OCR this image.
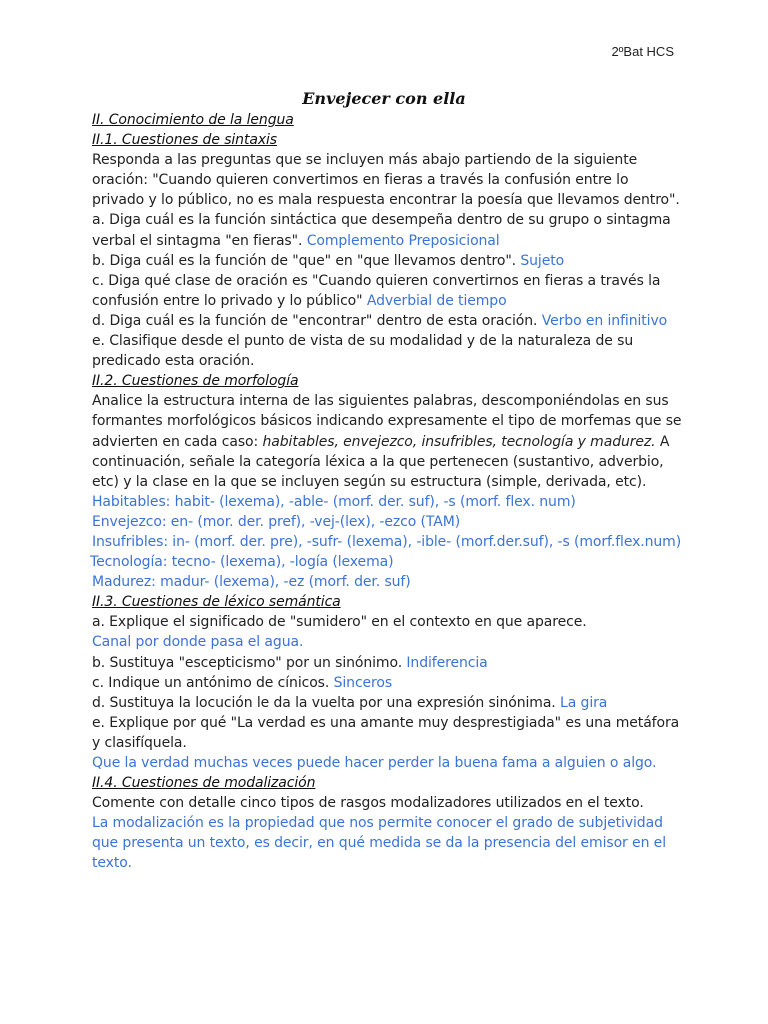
2ºBat HCS
Envejecer con ella

II. Conocimiento de la lengua

II.1. Cuestiones de sintaxis

Responda a las preguntas que se incluyen más abajo partiendo de la siguiente oración: "Cuando quieren convertimos en fieras a través la confusión entre lo privado y lo público, no es mala respuesta encontrar la poesía que llevamos dentro".

a. Diga cuál es la función sintáctica que desempeña dentro de su grupo o sintagma verbal el sintagma "en fieras". Complemento Preposicional

b. Diga cuál es la función de "que" en "que llevamos dentro". Sujeto

c. Diga qué clase de oración es "Cuando quieren convertirnos en fieras a través la confusión entre lo privado y lo público" Adverbial de tiempo

d. Diga cuál es la función de "encontrar" dentro de esta oración. Verbo en infinitivo

e. Clasifique desde el punto de vista de su modalidad y de la naturaleza de su predicado esta oración.

II.2. Cuestiones de morfología

Analice la estructura interna de las siguientes palabras, descomponiéndolas en sus formantes morfológicos básicos indicando expresamente el tipo de morfemas que se advierten en cada caso: habitables, envejezco, insufribles, tecnología y madurez. A continuación, señale la categoría léxica a la que pertenecen (sustantivo, adverbio, etc) y la clase en la que se incluyen según su estructura (simple, derivada, etc).

Habitables: habit- (lexema), -able- (morf. der. suf), -s (morf. flex. num)

Envejezco: en- (mor. der. pref), -vej-(lex), -ezco (TAM)

Insufribles: in- (morf. der. pre), -sufr- (lexema), -ible- (morf.der.suf), -s (morf.flex.num)

Tecnología: tecno- (lexema), -logía (lexema)

Madurez: madur- (lexema), -ez (morf. der. suf)

II.3. Cuestiones de léxico semántica

a. Explique el significado de "sumidero" en el contexto en que aparece.

Canal por donde pasa el agua.

b. Sustituya "escepticismo" por un sinónimo. Indiferencia

c. Indique un antónimo de cínicos. Sinceros

d. Sustituya la locución le da la vuelta por una expresión sinónima. La gira

e. Explique por qué "La verdad es una amante muy desprestigiada" es una metáfora y clasifíquela.

Que la verdad muchas veces puede hacer perder la buena fama a alguien o algo.

II.4. Cuestiones de modalización

Comente con detalle cinco tipos de rasgos modalizadores utilizados en el texto.

La modalización es la propiedad que nos permite conocer el grado de subjetividad que presenta un texto, es decir, en qué medida se da la presencia del emisor en el texto.
